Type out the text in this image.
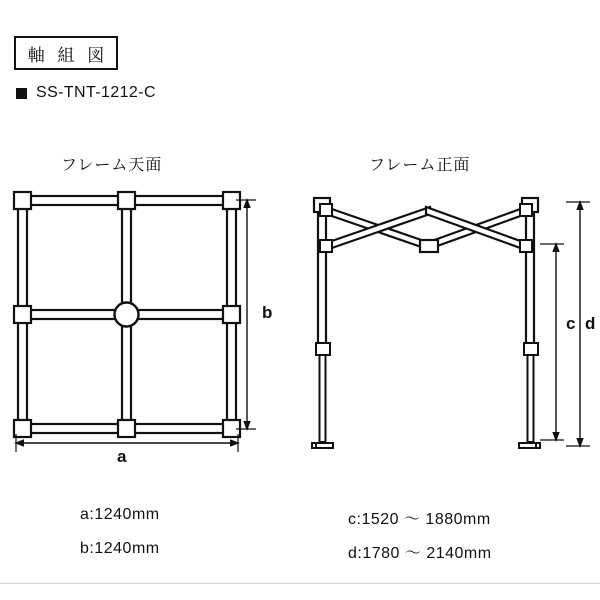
軸 組 図
SS-TNT-1212-C
フレーム天面	フレーム正面
a
b
c d
a:1240mm
b:1240mm
c:1520 〜 1880mm
d:1780 〜 2140mm
